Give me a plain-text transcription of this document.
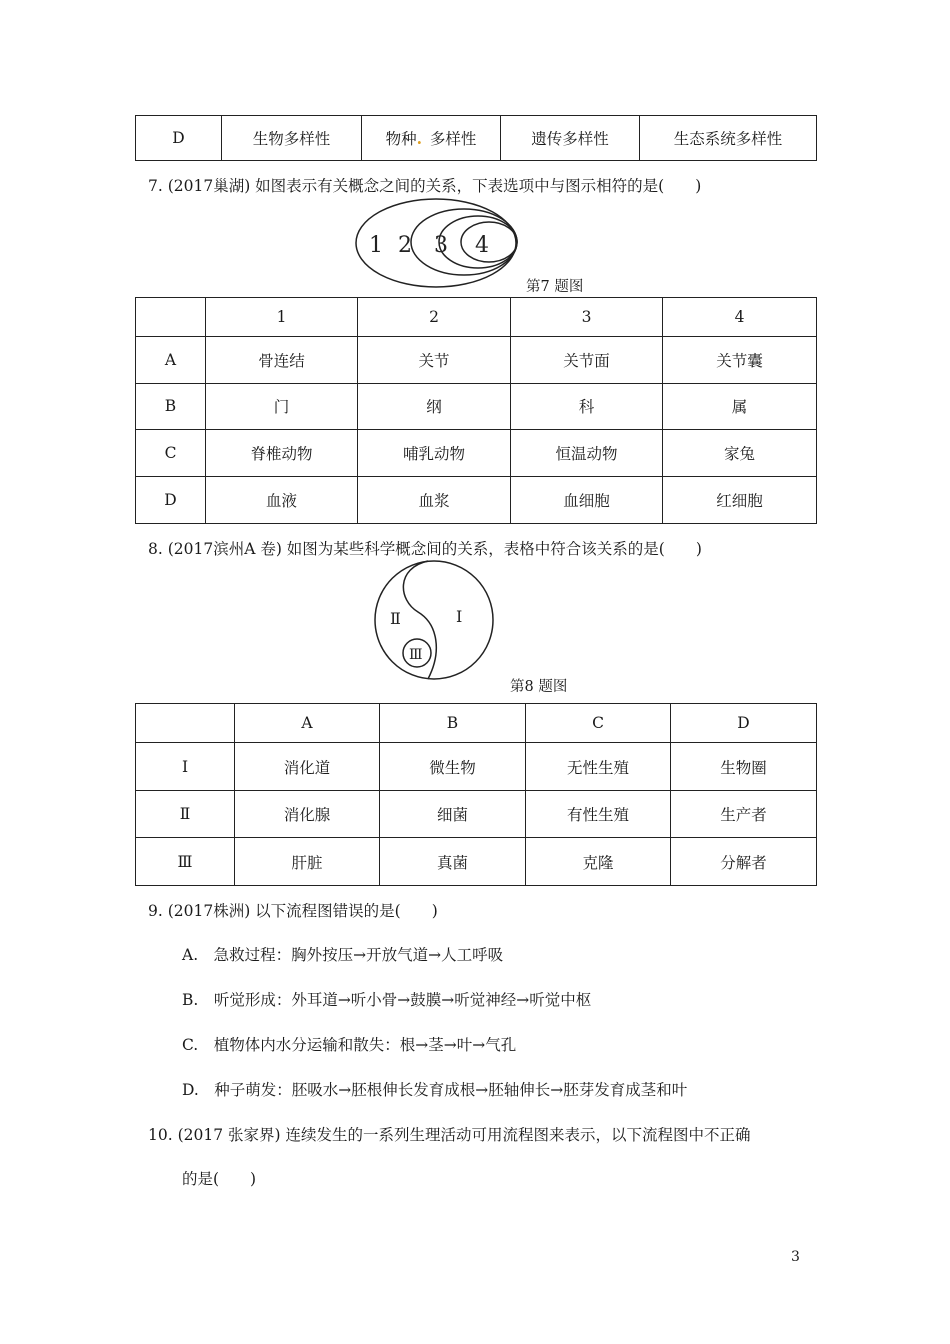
D	生物多样性	物种.  多样性	遗传多样性	生态系统多样性
7. (2017巢湖) 如图表示有关概念之间的关系，下表选项中与图示相符的是(　　)
1 2 3 4
第7 题图
	1	2	3	4
A	骨连结	关节	关节面	关节囊
B	门	纲	科	属
C	脊椎动物	哺乳动物	恒温动物	家兔
D	血液	血浆	血细胞	红细胞
8. (2017滨州A 卷) 如图为某些科学概念间的关系，表格中符合该关系的是(　　)
Ⅱ	Ⅰ
Ⅲ
第8 题图
	A	B	C	D
Ⅰ	消化道	微生物	无性生殖	生物圈
Ⅱ	消化腺	细菌	有性生殖	生产者
Ⅲ	肝脏	真菌	克隆	分解者
9. (2017株洲) 以下流程图错误的是(　　)
A.　急救过程：胸外按压→开放气道→人工呼吸
B.　听觉形成：外耳道→听小骨→鼓膜→听觉神经→听觉中枢
C.　植物体内水分运输和散失：根→茎→叶→气孔
D.　种子萌发：胚吸水→胚根伸长发育成根→胚轴伸长→胚芽发育成茎和叶
10. (2017 张家界) 连续发生的一系列生理活动可用流程图来表示，以下流程图中不正确
的是(　　)
3
